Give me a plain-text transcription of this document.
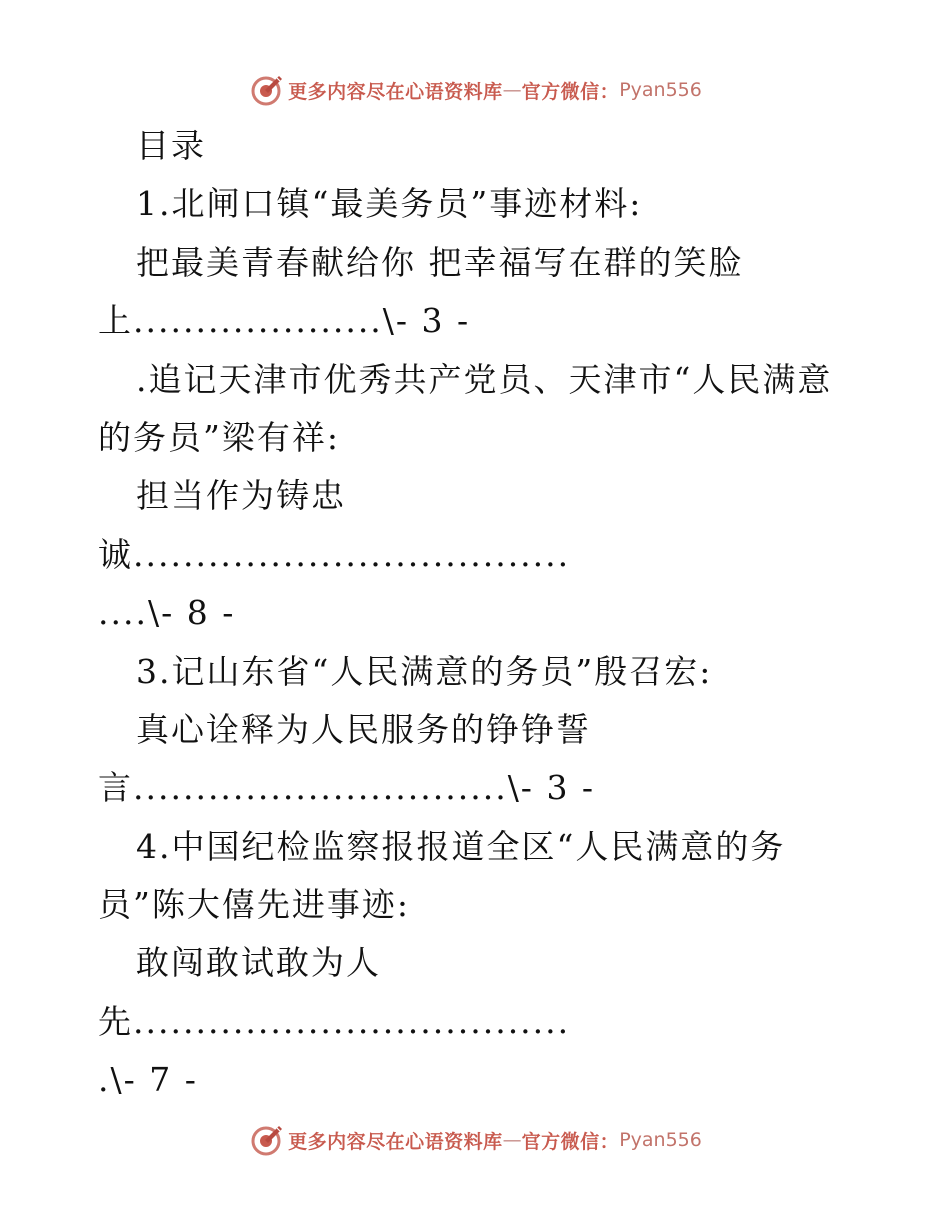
更多内容尽在心语资料库 — 官方微信： Pyan556
目录
1.北闸口镇“最美务员”事迹材料:
把最美青春献给你 把幸福写在群的笑脸
上....................\- 3 -
.追记天津市优秀共产党员、天津市“人民满意
的务员”梁有祥:
担当作为铸忠
诚...................................
....\- 8 -
3.记山东省“人民满意的务员”殷召宏:
真心诠释为人民服务的铮铮誓
言..............................\- 3 -
4.中国纪检监察报报道全区“人民满意的务
员”陈大僖先进事迹:
敢闯敢试敢为人
先...................................
.\- 7 -
更多内容尽在心语资料库 — 官方微信： Pyan556
